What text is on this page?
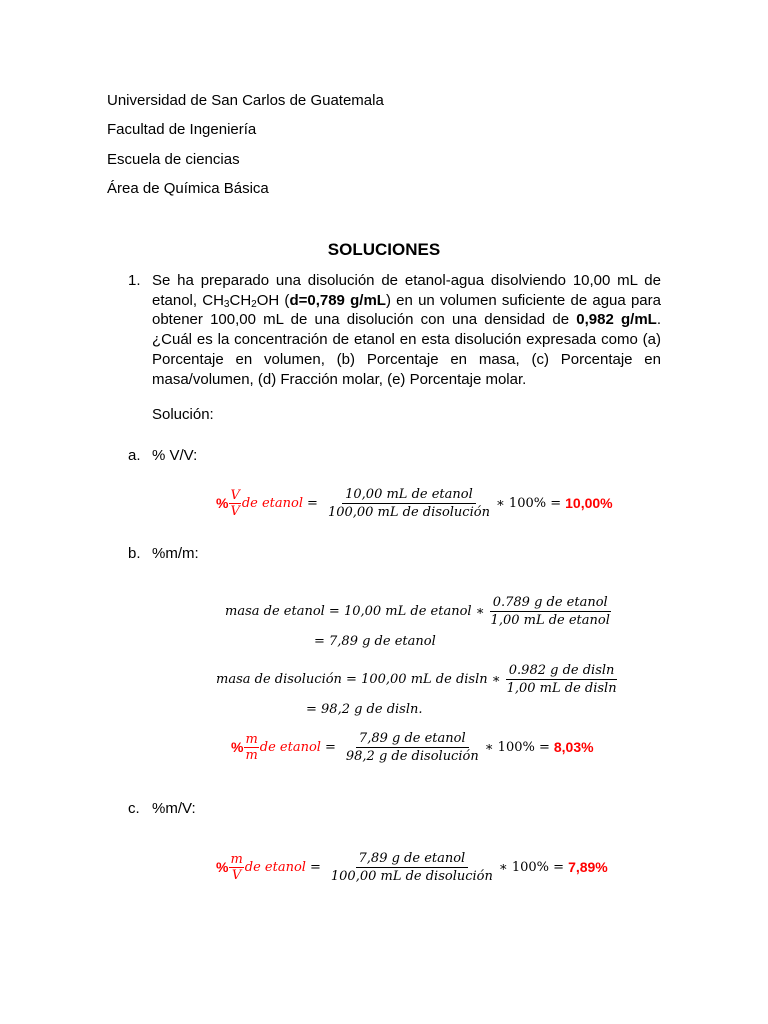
Universidad de San Carlos de Guatemala
Facultad de Ingeniería
Escuela de ciencias
Área de Química Básica
SOLUCIONES
1. Se ha preparado una disolución de etanol-agua disolviendo 10,00 mL de etanol, $CH_3CH_2OH$ (d=0,789 g/mL) en un volumen suficiente de agua para obtener 100,00 mL de una disolución con una densidad de 0,982 g/mL. ¿Cuál es la concentración de etanol en esta disolución expresada como (a) Porcentaje en volumen, (b) Porcentaje en masa, (c) Porcentaje en masa/volumen, (d) Fracción molar, (e) Porcentaje molar.
Solución:
a. % V/V:
% $\frac{V}{V}$ de etanol = $\frac{\text{10,00 mL de etanol}}{\text{100,00 mL de disolución}}$ ∗ 100% = 10,00%
b. %m/m:
masa de etanol = 10,00 mL de etanol ∗ $\frac{\text{0.789 g de etanol}}{\text{1,00 mL de etanol}}$
= 7,89 g de etanol
masa de disolución = 100,00 mL de disln ∗ $\frac{\text{0.982 g de disln}}{\text{1,00 mL de disln}}$
= 98,2 g de disln.
% $\frac{m}{m}$ de etanol = $\frac{\text{7,89 g de etanol}}{\text{98,2 g de disolución}}$ ∗ 100% = 8,03%
c. %m/V:
% $\frac{m}{V}$ de etanol = $\frac{\text{7,89 g de etanol}}{\text{100,00 mL de disolución}}$ ∗ 100% = 7,89%
